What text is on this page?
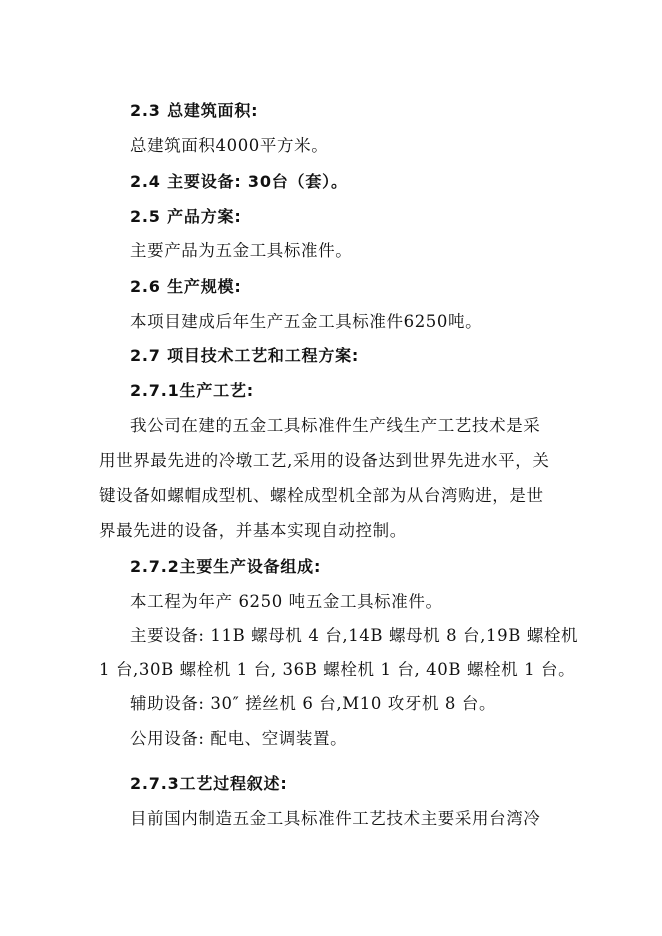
2.3 总建筑面积:
总建筑面积4000平方米。
2.4 主要设备: 30台（套）。
2.5 产品方案:
主要产品为五金工具标准件。
2.6 生产规模:
本项目建成后年生产五金工具标准件6250吨。
2.7 项目技术工艺和工程方案:
2.7.1生产工艺:
我公司在建的五金工具标准件生产线生产工艺技术是采
用世界最先进的冷墩工艺,采用的设备达到世界先进水平，关
键设备如螺帽成型机、螺栓成型机全部为从台湾购进，是世
界最先进的设备，并基本实现自动控制。
2.7.2主要生产设备组成:
本工程为年产 6250 吨五金工具标准件。
主要设备: 11B 螺母机 4 台,14B 螺母机 8 台,19B 螺栓机
1 台,30B 螺栓机 1 台, 36B 螺栓机 1 台, 40B 螺栓机 1 台。
辅助设备: 30″ 搓丝机 6 台,M10 攻牙机 8 台。
公用设备: 配电、空调装置。
2.7.3工艺过程叙述:
目前国内制造五金工具标准件工艺技术主要采用台湾冷
